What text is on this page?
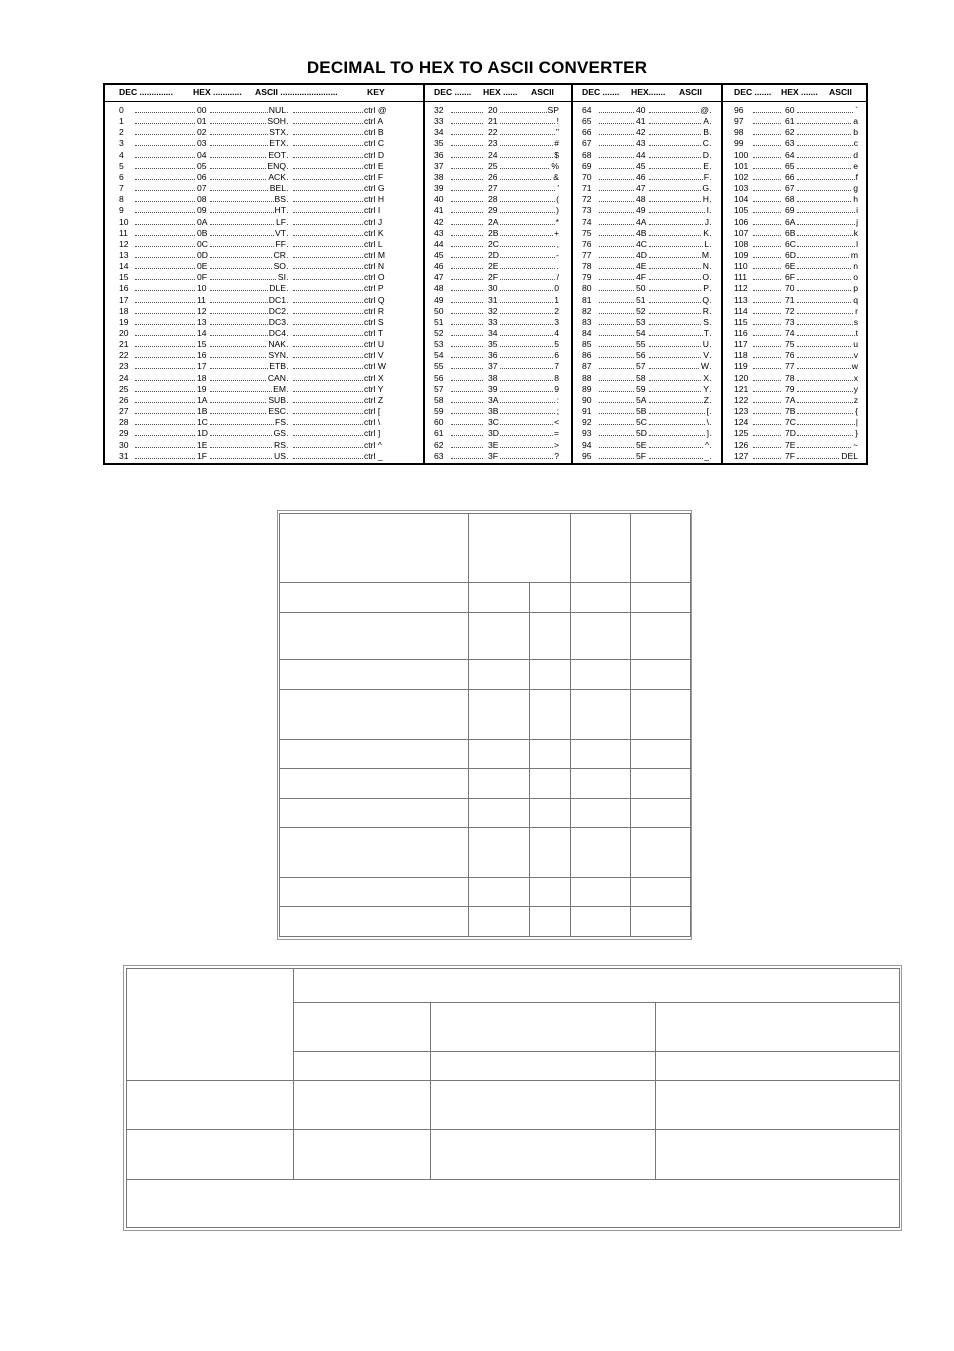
DECIMAL TO HEX TO ASCII CONVERTER
DEC .............. HEX ............ ASCII ........................	KEY
0	00	NUL	ctrl @
1	01	SOH	ctrl A
2	02	STX	ctrl B
3	03	ETX	ctrl C
4	04	EOT	ctrl D
5	05	ENQ	ctrl E
6	06	ACK	ctrl F
7	07	BEL	ctrl G
8	08	BS	ctrl H
9	09	HT	ctrl I
10	0A	LF	ctrl J
11	0B	VT	ctrl K
12	0C	FF	ctrl L
13	0D	CR	ctrl M
14	0E	SO	ctrl N
15	0F	SI	ctrl O
16	10	DLE	ctrl P
17	11	DC1	ctrl Q
18	12	DC2	ctrl R
19	13	DC3	ctrl S
20	14	DC4	ctrl T
21	15	NAK	ctrl U
22	16	SYN	ctrl V
23	17	ETB	ctrl W
24	18	CAN	ctrl X
25	19	EM	ctrl Y
26	1A	SUB	ctrl Z
27	1B	ESC	ctrl [
28	1C	FS	ctrl \
29	1D	GS	ctrl ]
30	1E	RS	ctrl ^
31	1F	US	ctrl _
DEC ....... HEX ...... ASCII
32	20	SP
33	21	!
34	22	"
35	23	#
36	24	$
37	25	%
38	26	&
39	27	'
40	28	(
41	29	)
42	2A	*
43	2B	+
44	2C	,
45	2D	-
46	2E	.
47	2F	/
48	30	0
49	31	1
50	32	2
51	33	3
52	34	4
53	35	5
54	36	6
55	37	7
56	38	8
57	39	9
58	3A	:
59	3B	;
60	3C	<
61	3D	=
62	3E	>
63	3F	?
DEC ....... HEX....... ASCII
64	40	@
65	41	A
66	42	B
67	43	C
68	44	D
69	45	E
70	46	F
71	47	G
72	48	H
73	49	I
74	4A	J
75	4B	K
76	4C	L
77	4D	M
78	4E	N
79	4F	O
80	50	P
81	51	Q
82	52	R
83	53	S
84	54	T
85	55	U
86	56	V
87	57	W
88	58	X
89	59	Y
90	5A	Z
91	5B	[
92	5C	\
93	5D	]
94	5E	^
95	5F	_
DEC ....... HEX ....... ASCII
96	60	`
97	61	a
98	62	b
99	63	c
100	64	d
101	65	e
102	66	f
103	67	g
104	68	h
105	69	i
106	6A	j
107	6B	k
108	6C	l
109	6D	m
110	6E	n
111	6F	o
112	70	p
113	71	q
114	72	r
115	73	s
116	74	t
117	75	u
118	76	v
119	77	w
120	78	x
121	79	y
122	7A	z
123	7B	{
124	7C	|
125	7D	}
126	7E	~
127	7F	DEL
